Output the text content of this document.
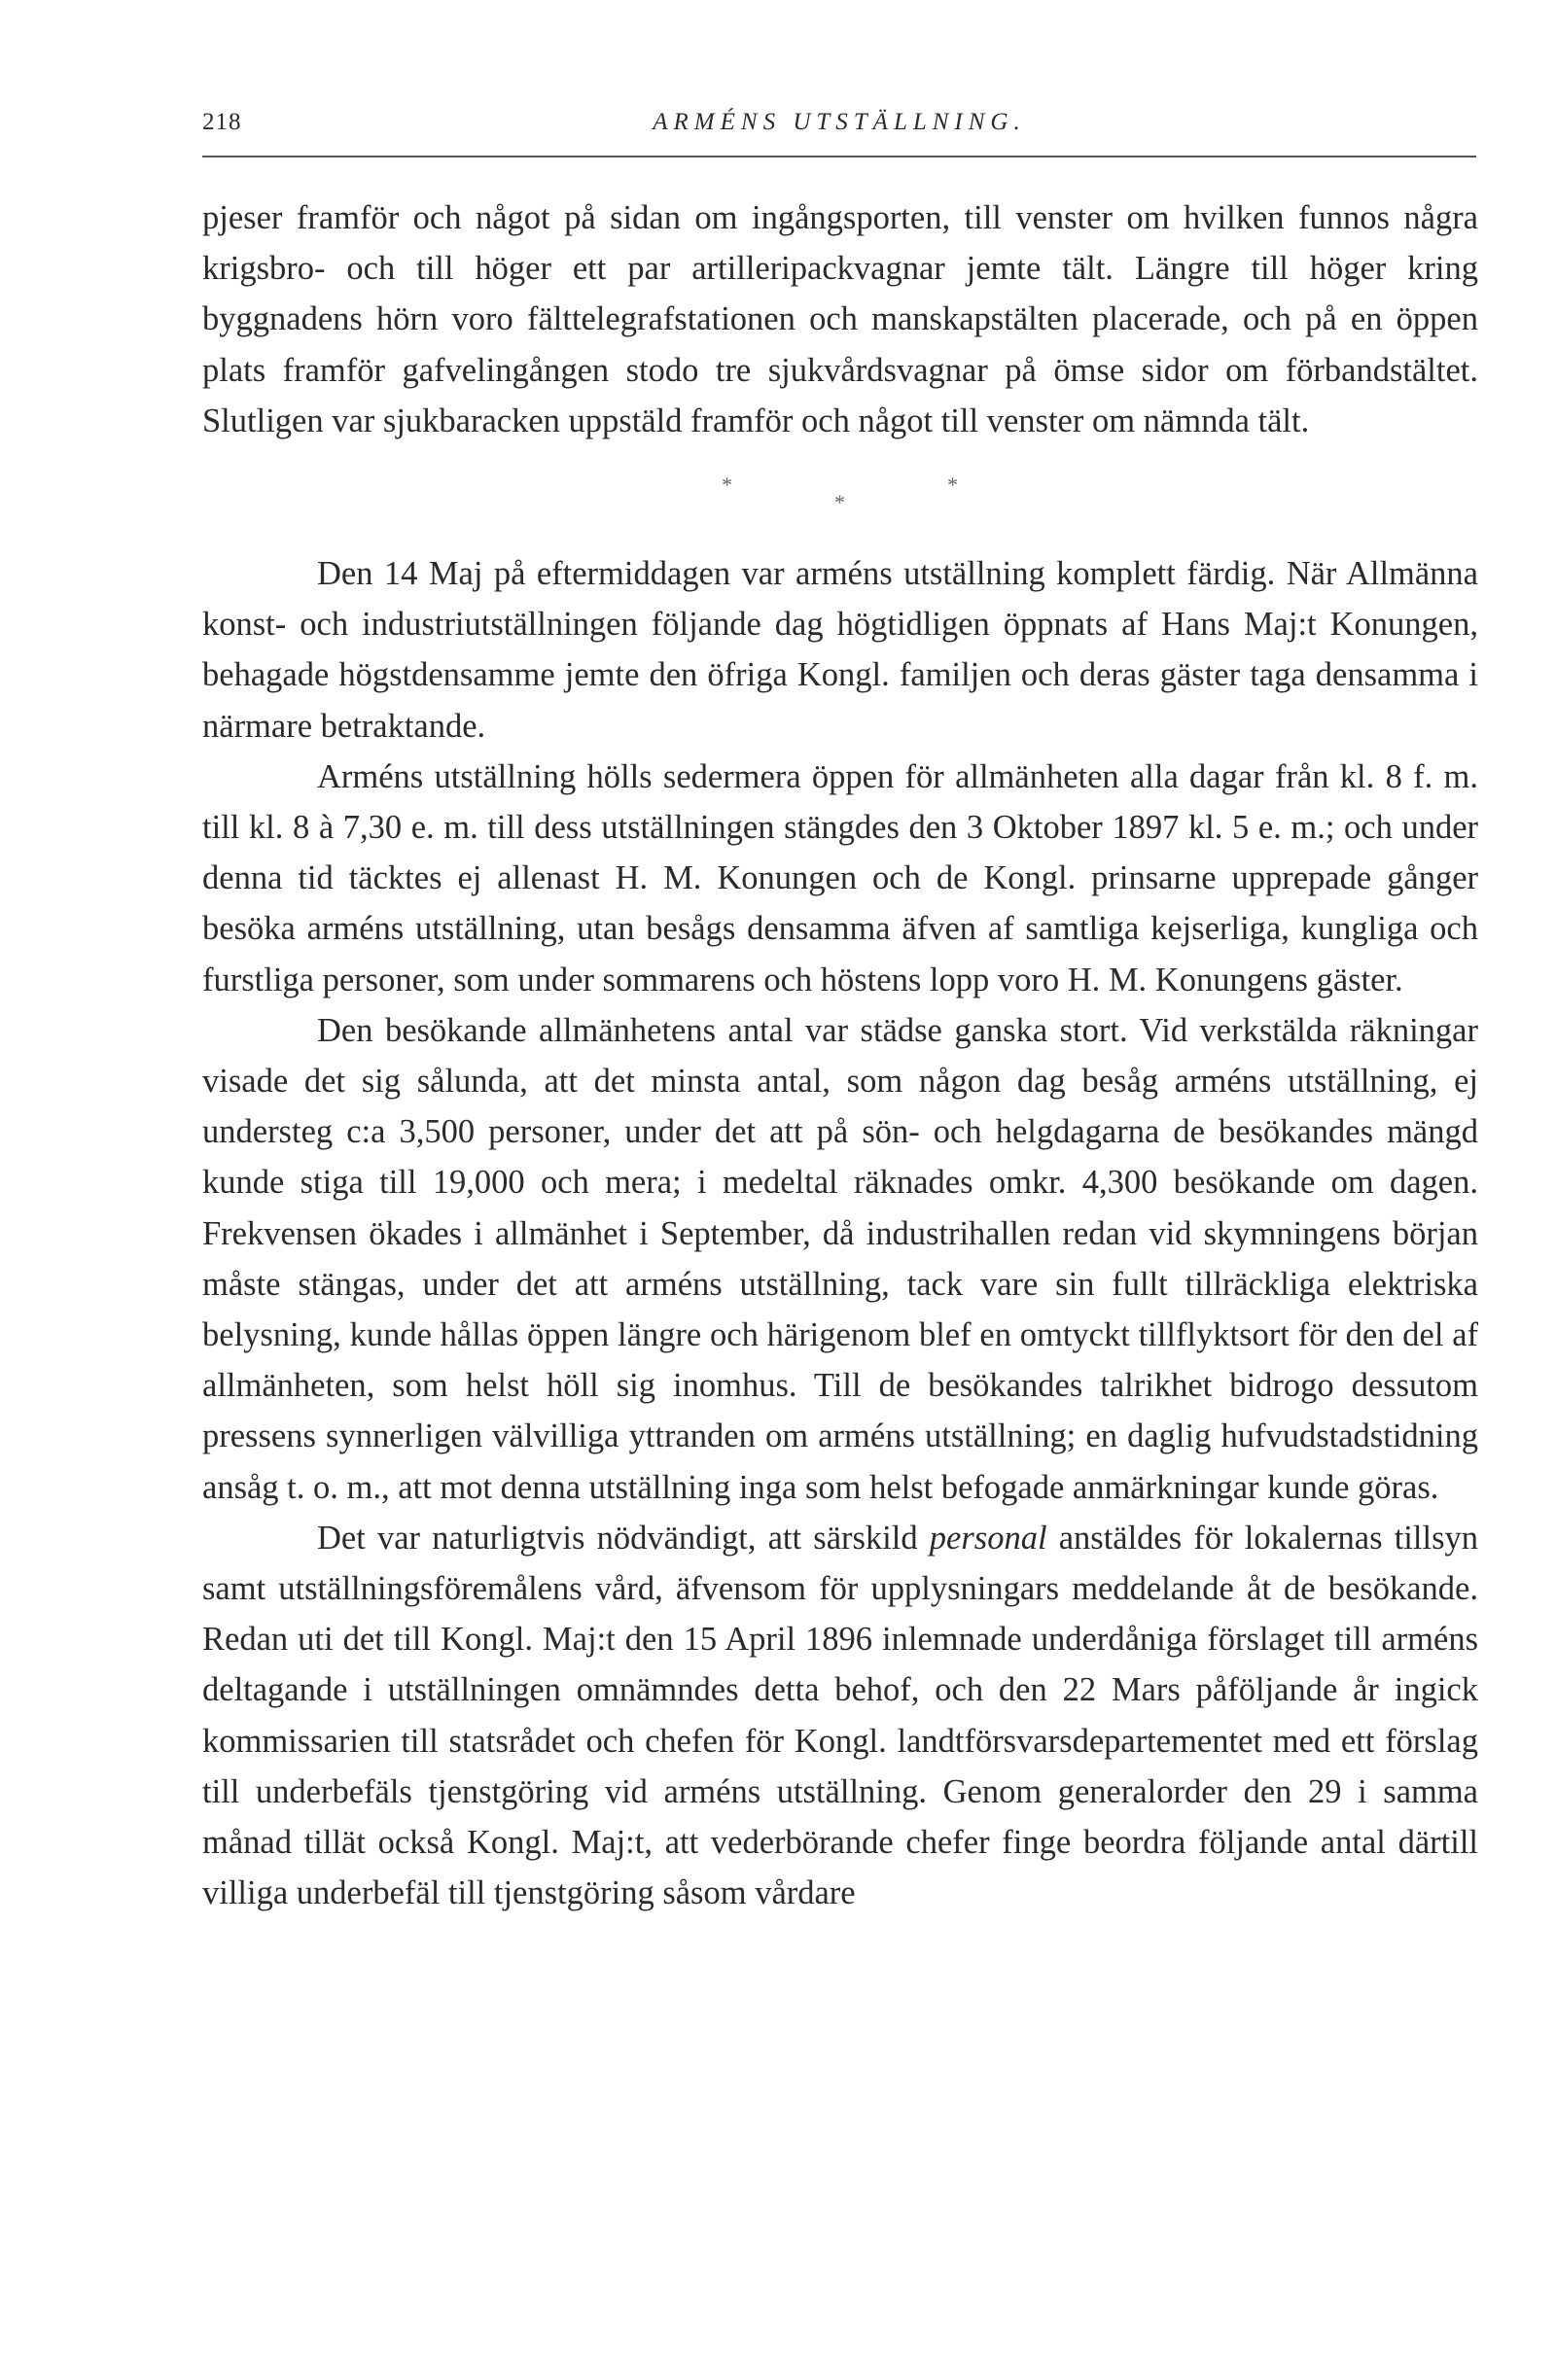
218	ARMÉNS UTSTÄLLNING.

pjeser framför och något på sidan om ingångsporten, till venster om hvilken funnos några krigsbro- och till höger ett par artilleripackvagnar jemte tält. Längre till höger kring byggnadens hörn voro fälttelegrafstationen och manskapstälten placerade, och på en öppen plats framför gafvelingången stodo tre sjukvårdsvagnar på ömse sidor om förbandstältet. Slutligen var sjukbaracken uppstäld framför och något till venster om nämnda tält.

*
*
*

Den 14 Maj på eftermiddagen var arméns utställning komplett färdig. När Allmänna konst- och industriutställningen följande dag högtidligen öppnats af Hans Maj:t Konungen, behagade högstdensamme jemte den öfriga Kongl. familjen och deras gäster taga densamma i närmare betraktande.

Arméns utställning hölls sedermera öppen för allmänheten alla dagar från kl. 8 f. m. till kl. 8 à 7,30 e. m. till dess utställningen stängdes den 3 Oktober 1897 kl. 5 e. m.; och under denna tid täcktes ej allenast H. M. Konungen och de Kongl. prinsarne upprepade gånger besöka arméns utställning, utan besågs densamma äfven af samtliga kejserliga, kungliga och furstliga personer, som under sommarens och höstens lopp voro H. M. Konungens gäster.

Den besökande allmänhetens antal var städse ganska stort. Vid verkstälda räkningar visade det sig sålunda, att det minsta antal, som någon dag besåg arméns utställning, ej understeg c:a 3,500 personer, under det att på sön- och helgdagarna de besökandes mängd kunde stiga till 19,000 och mera; i medeltal räknades omkr. 4,300 besökande om dagen. Frekvensen ökades i allmänhet i September, då industrihallen redan vid skymningens början måste stängas, under det att arméns utställning, tack vare sin fullt tillräckliga elektriska belysning, kunde hållas öppen längre och härigenom blef en omtyckt tillflyktsort för den del af allmänheten, som helst höll sig inomhus. Till de besökandes talrikhet bidrogo dessutom pressens synnerligen välvilliga yttranden om arméns utställning; en daglig hufvudstadstidning ansåg t. o. m., att mot denna utställning inga som helst befogade anmärkningar kunde göras.

Det var naturligtvis nödvändigt, att särskild personal anstäldes för lokalernas tillsyn samt utställningsföremålens vård, äfvensom för upplysningars meddelande åt de besökande. Redan uti det till Kongl. Maj:t den 15 April 1896 inlemnade underdåniga förslaget till arméns deltagande i utställningen omnämndes detta behof, och den 22 Mars påföljande år ingick kommissarien till statsrådet och chefen för Kongl. landtförsvarsdepartementet med ett förslag till underbefäls tjenstgöring vid arméns utställning. Genom generalorder den 29 i samma månad tillät också Kongl. Maj:t, att vederbörande chefer finge beordra följande antal därtill villiga underbefäl till tjenstgöring såsom vårdare
